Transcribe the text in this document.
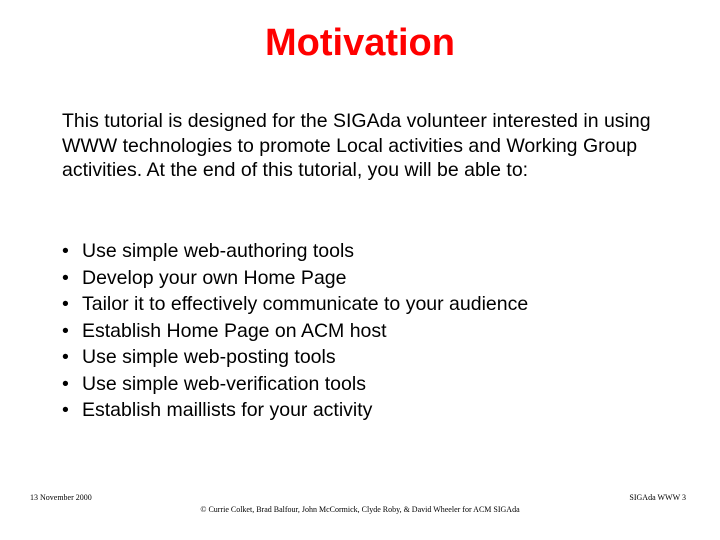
Motivation

This tutorial is designed for the SIGAda volunteer interested in using WWW technologies to promote Local activities and Working Group activities. At the end of this tutorial, you will be able to:

• Use simple web-authoring tools
• Develop your own Home Page
• Tailor it to effectively communicate to your audience
• Establish Home Page on ACM host
• Use simple web-posting tools
• Use simple web-verification tools
• Establish maillists for your activity

13 November 2000	SIGAda WWW 3

© Currie Colket, Brad Balfour, John McCormick, Clyde Roby, & David Wheeler for ACM SIGAda
